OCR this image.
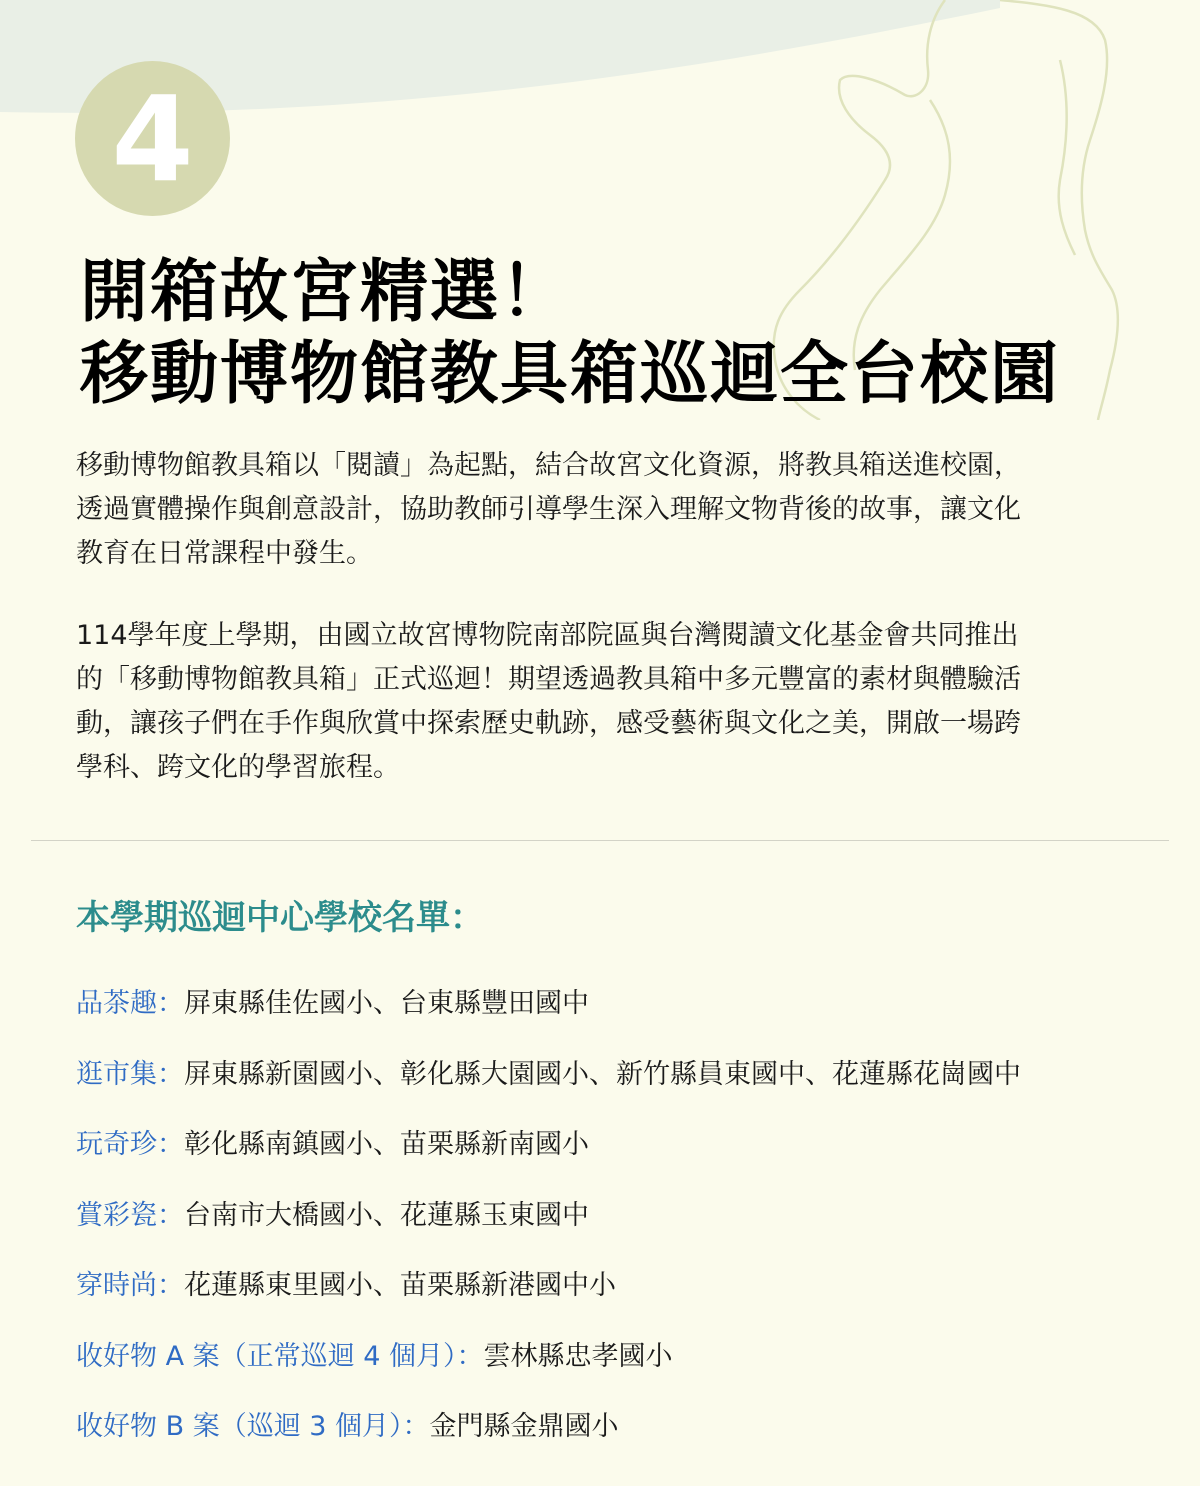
4
開箱故宮精選！
移動博物館教具箱巡迴全台校園

移動博物館教具箱以「閱讀」為起點，結合故宮文化資源，將教具箱送進校園，
透過實體操作與創意設計，協助教師引導學生深入理解文物背後的故事，讓文化
教育在日常課程中發生。

114學年度上學期，由國立故宮博物院南部院區與台灣閱讀文化基金會共同推出
的「移動博物館教具箱」正式巡迴！期望透過教具箱中多元豐富的素材與體驗活
動，讓孩子們在手作與欣賞中探索歷史軌跡，感受藝術與文化之美，開啟一場跨
學科、跨文化的學習旅程。

本學期巡迴中心學校名單：
品茶趣：屏東縣佳佐國小、台東縣豐田國中
逛市集：屏東縣新園國小、彰化縣大園國小、新竹縣員東國中、花蓮縣花崗國中
玩奇珍：彰化縣南鎮國小、苗栗縣新南國小
賞彩瓷：台南市大橋國小、花蓮縣玉東國中
穿時尚：花蓮縣東里國小、苗栗縣新港國中小
收好物 A 案（正常巡迴 4 個月）：雲林縣忠孝國小
收好物 B 案（巡迴 3 個月）：金門縣金鼎國小
